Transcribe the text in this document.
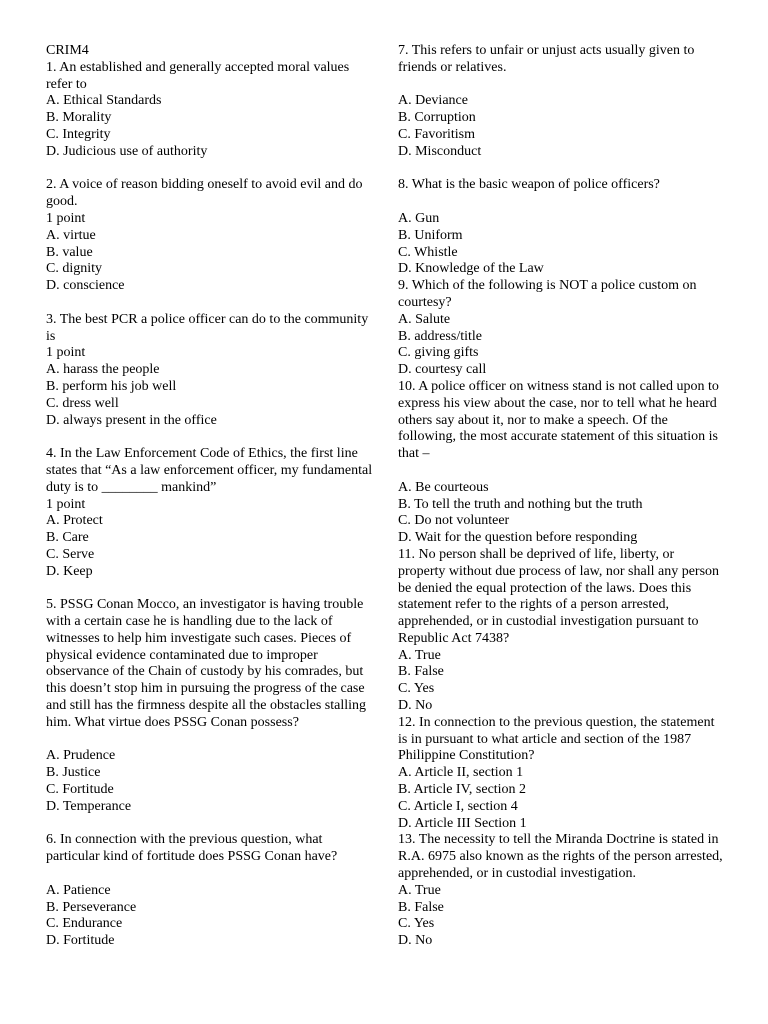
CRIM4

1. An established and generally accepted moral values refer to

A. Ethical Standards

B. Morality

C. Integrity

D. Judicious use of authority

2. A voice of reason bidding oneself to avoid evil and do good.

1 point

A. virtue

B. value

C. dignity

D. conscience

3. The best PCR a police officer can do to the community is

1 point

A. harass the people

B. perform his job well

C. dress well

D. always present in the office

4. In the Law Enforcement Code of Ethics, the first line states that “As a law enforcement officer, my fundamental duty is to ________ mankind”

1 point

A. Protect

B. Care

C. Serve

D. Keep

5. PSSG Conan Mocco, an investigator is having trouble with a certain case he is handling due to the lack of witnesses to help him investigate such cases. Pieces of physical evidence contaminated due to improper observance of the Chain of custody by his comrades, but this doesn’t stop him in pursuing the progress of the case and still has the firmness despite all the obstacles stalling him. What virtue does PSSG Conan possess?

A. Prudence

B. Justice

C. Fortitude

D. Temperance

6. In connection with the previous question, what particular kind of fortitude does PSSG Conan have?

A. Patience

B. Perseverance

C. Endurance

D. Fortitude

7. This refers to unfair or unjust acts usually given to friends or relatives.

A. Deviance

B. Corruption

C. Favoritism

D. Misconduct

8. What is the basic weapon of police officers?

A. Gun

B. Uniform

C. Whistle

D. Knowledge of the Law

9. Which of the following is NOT a police custom on courtesy?

A. Salute

B. address/title

C. giving gifts

D. courtesy call

10. A police officer on witness stand is not called upon to express his view about the case, nor to tell what he heard others say about it, nor to make a speech. Of the following, the most accurate statement of this situation is that –

A. Be courteous

B. To tell the truth and nothing but the truth

C. Do not volunteer

D. Wait for the question before responding

11. No person shall be deprived of life, liberty, or property without due process of law, nor shall any person be denied the equal protection of the laws. Does this statement refer to the rights of a person arrested, apprehended, or in custodial investigation pursuant to Republic Act 7438?

A. True

B. False

C. Yes

D. No

12. In connection to the previous question, the statement is in pursuant to what article and section of the 1987 Philippine Constitution?

A. Article II, section 1

B. Article IV, section 2

C. Article I, section 4

D. Article III Section 1

13. The necessity to tell the Miranda Doctrine is stated in R.A. 6975 also known as the rights of the person arrested, apprehended, or in custodial investigation.

A. True

B. False

C. Yes

D. No
